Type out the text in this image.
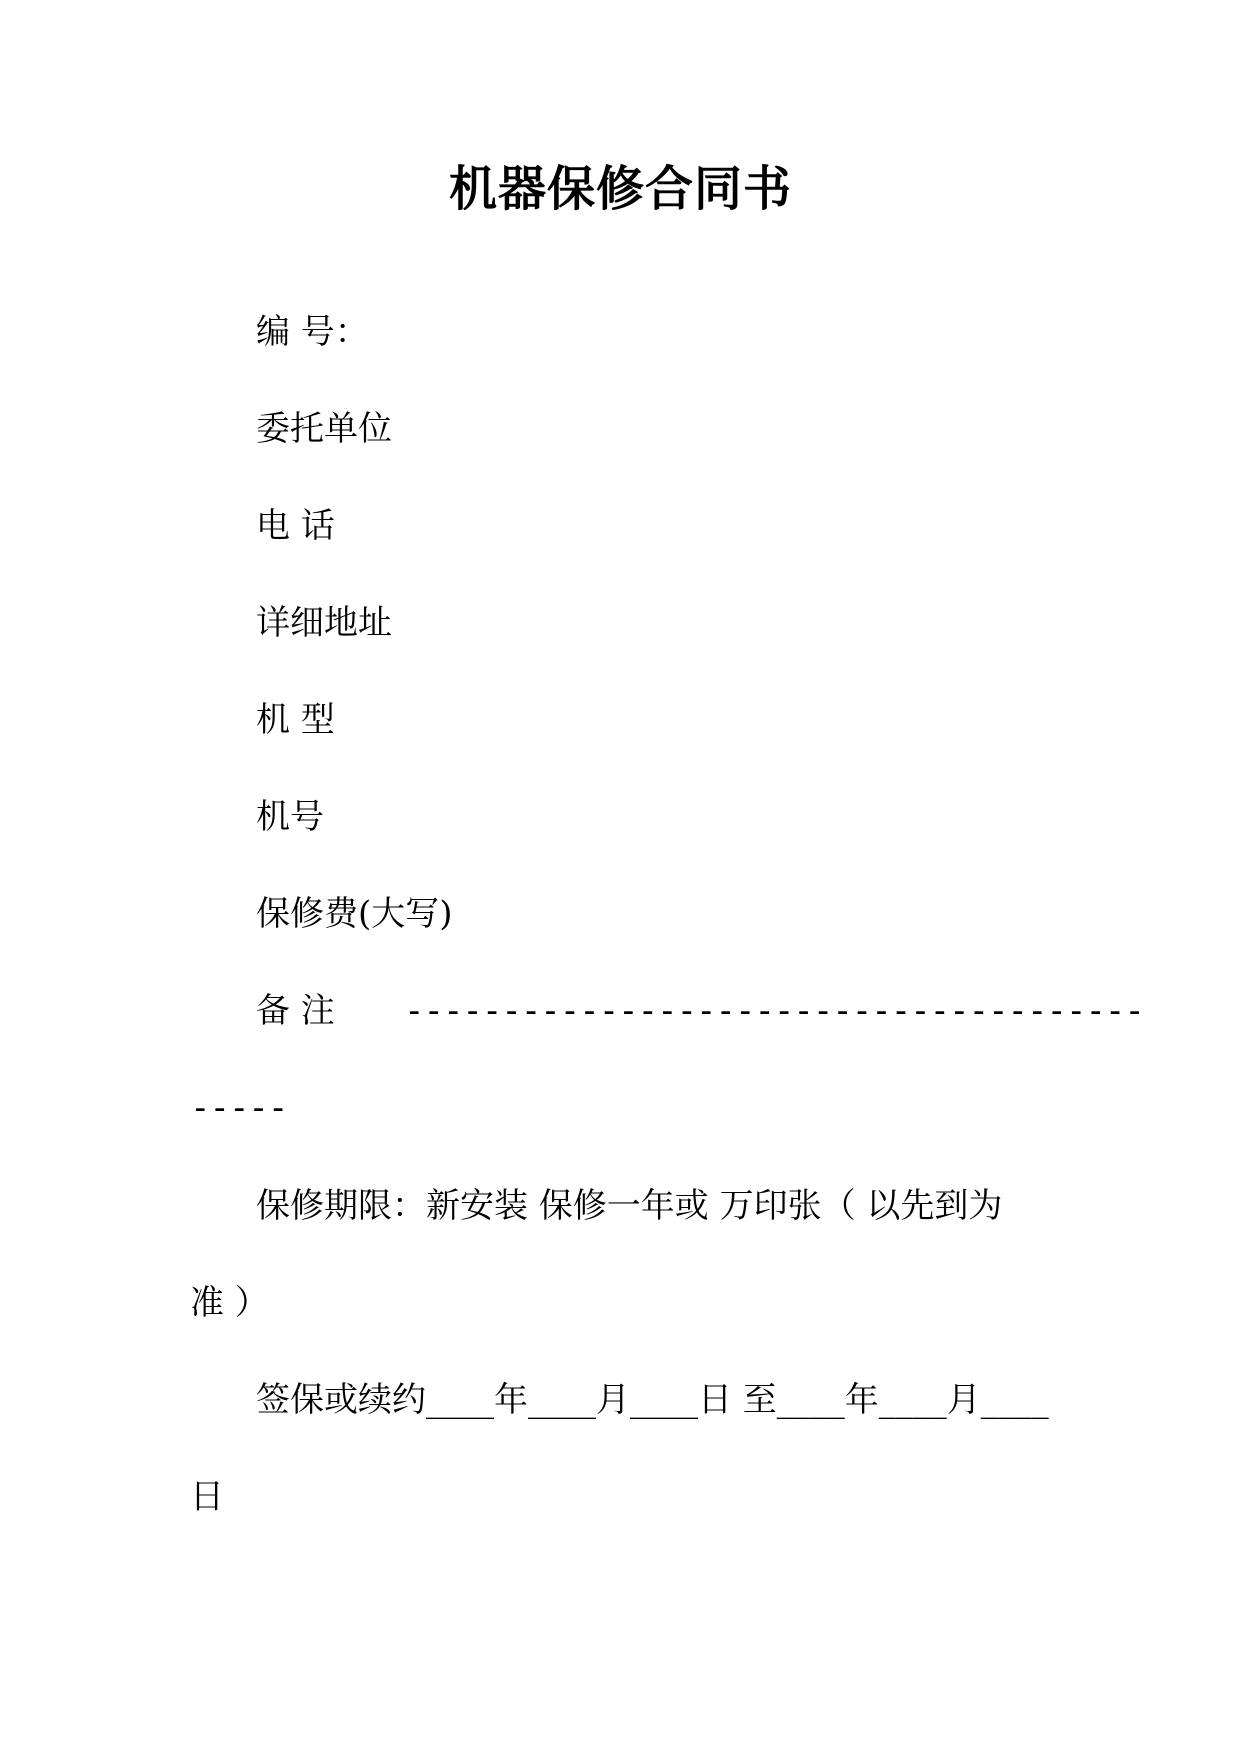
机器保修合同书
编 号：
委托单位
电 话
详细地址
机 型
机号
保修费(大写)
备 注 --------------------------------------
-----
保修期限：新安装 保修一年或 万印张（ 以先到为
准 ）
签保或续约____年____月____日 至____年____月____
日
